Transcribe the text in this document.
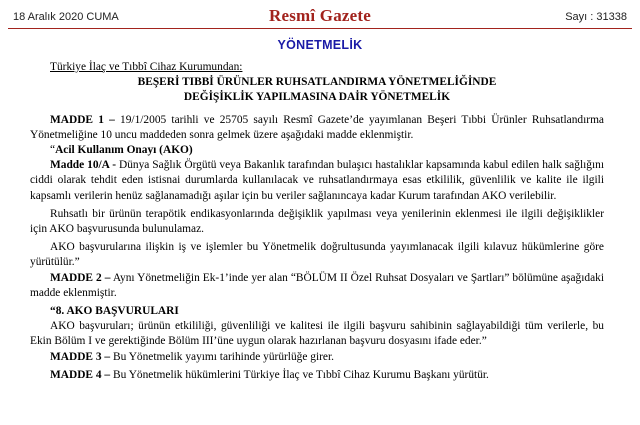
18 Aralık 2020 CUMA	Resmî Gazete	Sayı : 31338
YÖNETMELİK

Türkiye İlaç ve Tıbbî Cihaz Kurumundan:

BEŞERİ TIBBİ ÜRÜNLER RUHSATLANDIRMA YÖNETMELİĞİNDE

DEĞİŞİKLİK YAPILMASINA DAİR YÖNETMELİK

MADDE 1 – 19/1/2005 tarihli ve 25705 sayılı Resmî Gazete’de yayımlanan Beşeri Tıbbi Ürünler Ruhsatlandırma Yönetmeliğine 10 uncu maddeden sonra gelmek üzere aşağıdaki madde eklenmiştir.

“Acil Kullanım Onayı (AKO)

Madde 10/A - Dünya Sağlık Örgütü veya Bakanlık tarafından bulaşıcı hastalıklar kapsamında kabul edilen halk sağlığını ciddi olarak tehdit eden istisnai durumlarda kullanılacak ve ruhsatlandırmaya esas etkililik, güvenlilik ve kalite ile ilgili kapsamlı verilerin henüz sağlanamadığı aşılar için bu veriler sağlanıncaya kadar Kurum tarafından AKO verilebilir.

Ruhsatlı bir ürünün terapötik endikasyonlarında değişiklik yapılması veya yenilerinin eklenmesi ile ilgili değişiklikler için AKO başvurusunda bulunulamaz.

AKO başvurularına ilişkin iş ve işlemler bu Yönetmelik doğrultusunda yayımlanacak ilgili kılavuz hükümlerine göre yürütülür.”

MADDE 2 – Aynı Yönetmeliğin Ek-1’inde yer alan “BÖLÜM II Özel Ruhsat Dosyaları ve Şartları” bölümüne aşağıdaki madde eklenmiştir.

“8. AKO BAŞVURULARI

AKO başvuruları; ürünün etkililiği, güvenliliği ve kalitesi ile ilgili başvuru sahibinin sağlayabildiği tüm verilerle, bu Ekin Bölüm I ve gerektiğinde Bölüm III’üne uygun olarak hazırlanan başvuru dosyasını ifade eder.”

MADDE 3 – Bu Yönetmelik yayımı tarihinde yürürlüğe girer.

MADDE 4 – Bu Yönetmelik hükümlerini Türkiye İlaç ve Tıbbî Cihaz Kurumu Başkanı yürütür.
